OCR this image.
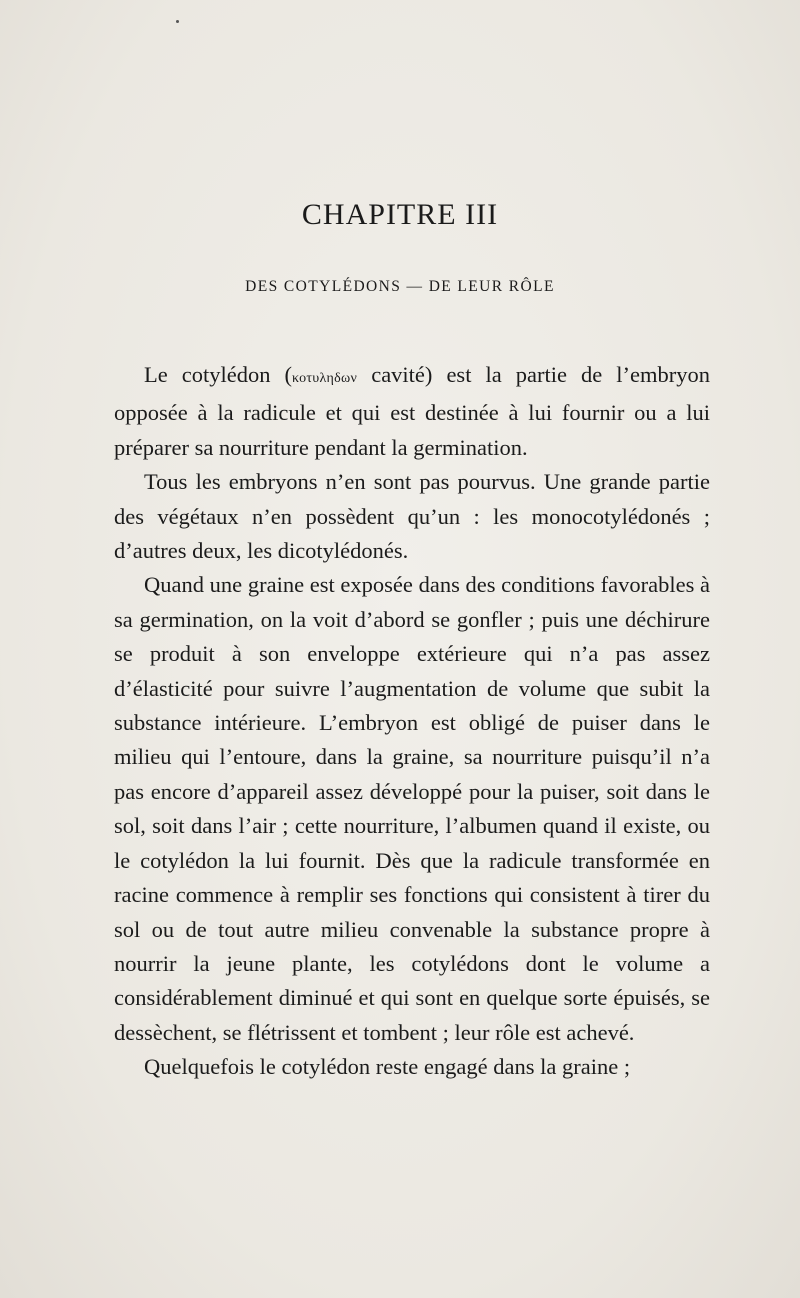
CHAPITRE III
DES COTYLÉDONS — DE LEUR RÔLE

Le cotylédon (κοτυληδων cavité) est la partie de l’embryon opposée à la radicule et qui est destinée à lui fournir ou a lui préparer sa nourriture pendant la germination.

Tous les embryons n’en sont pas pourvus. Une grande partie des végétaux n’en possèdent qu’un : les monocotylédonés ; d’autres deux, les dicotylédonés.

Quand une graine est exposée dans des conditions favorables à sa germination, on la voit d’abord se gonfler ; puis une déchirure se produit à son enveloppe extérieure qui n’a pas assez d’élasticité pour suivre l’augmentation de volume que subit la substance intérieure. L’embryon est obligé de puiser dans le milieu qui l’entoure, dans la graine, sa nourriture puisqu’il n’a pas encore d’appareil assez développé pour la puiser, soit dans le sol, soit dans l’air ; cette nourriture, l’albumen quand il existe, ou le cotylédon la lui fournit. Dès que la radicule transformée en racine commence à remplir ses fonctions qui consistent à tirer du sol ou de tout autre milieu convenable la substance propre à nourrir la jeune plante, les cotylédons dont le volume a considérablement diminué et qui sont en quelque sorte épuisés, se dessèchent, se flétrissent et tombent ; leur rôle est achevé.

Quelquefois le cotylédon reste engagé dans la graine ;
